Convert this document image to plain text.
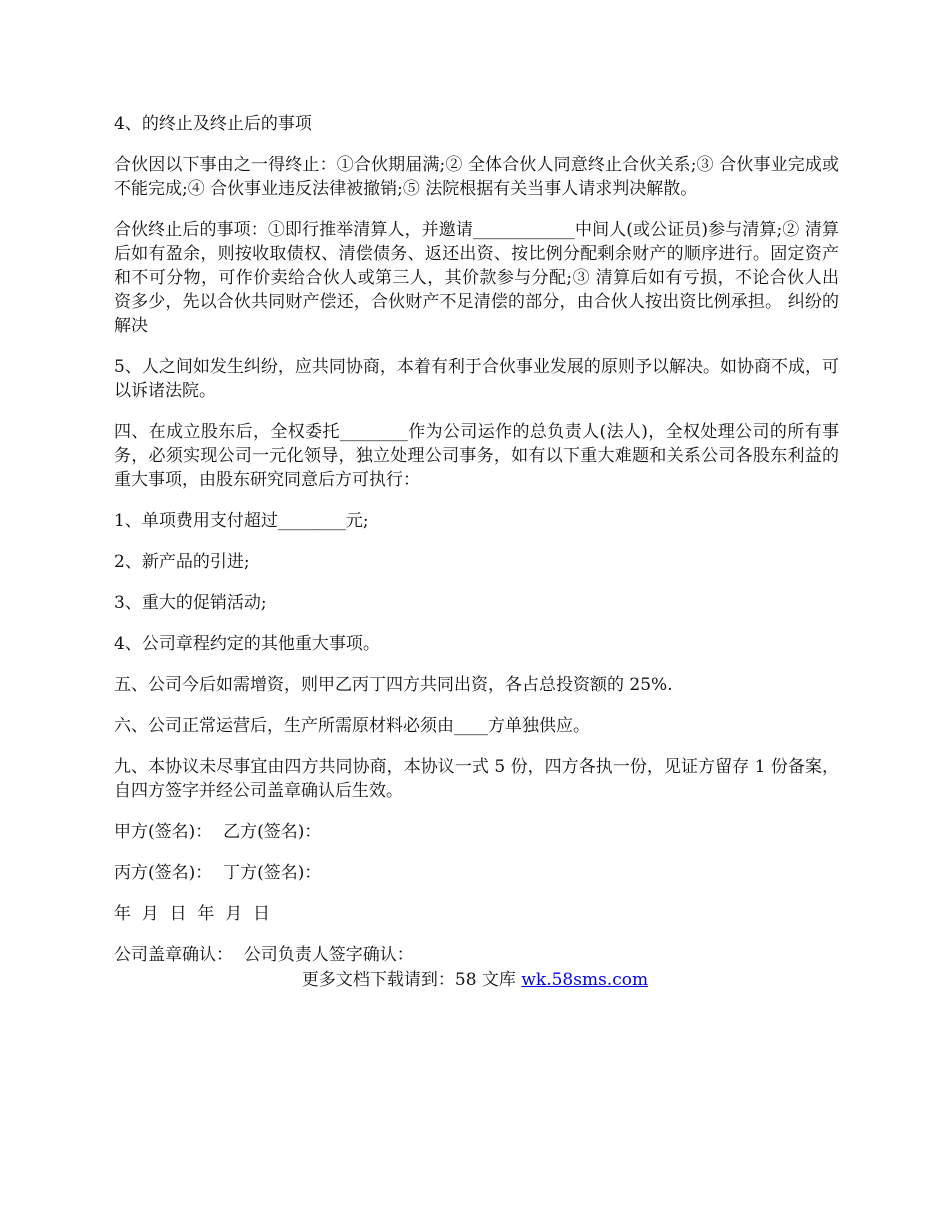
4、的终止及终止后的事项

合伙因以下事由之一得终止：①合伙期届满;② 全体合伙人同意终止合伙关系;③ 合伙事业完成或不能完成;④ 合伙事业违反法律被撤销;⑤ 法院根据有关当事人请求判决解散。

合伙终止后的事项：①即行推举清算人，并邀请____________中间人(或公证员)参与清算;② 清算后如有盈余，则按收取债权、清偿债务、返还出资、按比例分配剩余财产的顺序进行。固定资产和不可分物，可作价卖给合伙人或第三人，其价款参与分配;③ 清算后如有亏损，不论合伙人出资多少，先以合伙共同财产偿还，合伙财产不足清偿的部分，由合伙人按出资比例承担。 纠纷的解决

5、人之间如发生纠纷，应共同协商，本着有利于合伙事业发展的原则予以解决。如协商不成，可以诉诸法院。

四、在成立股东后，全权委托________作为公司运作的总负责人(法人)，全权处理公司的所有事务，必须实现公司一元化领导，独立处理公司事务，如有以下重大难题和关系公司各股东利益的重大事项，由股东研究同意后方可执行：

1、单项费用支付超过________元;

2、新产品的引进;

3、重大的促销活动;

4、公司章程约定的其他重大事项。

五、公司今后如需增资，则甲乙丙丁四方共同出资，各占总投资额的 25%.

六、公司正常运营后，生产所需原材料必须由____方单独供应。

九、本协议未尽事宜由四方共同协商，本协议一式 5 份，四方各执一份，见证方留存 1 份备案，自四方签字并经公司盖章确认后生效。

甲方(签名)：  乙方(签名)：

丙方(签名)：  丁方(签名)：

年  月  日  年  月  日

公司盖章确认：  公司负责人签字确认：

更多文档下载请到：58 文库 wk.58sms.com
